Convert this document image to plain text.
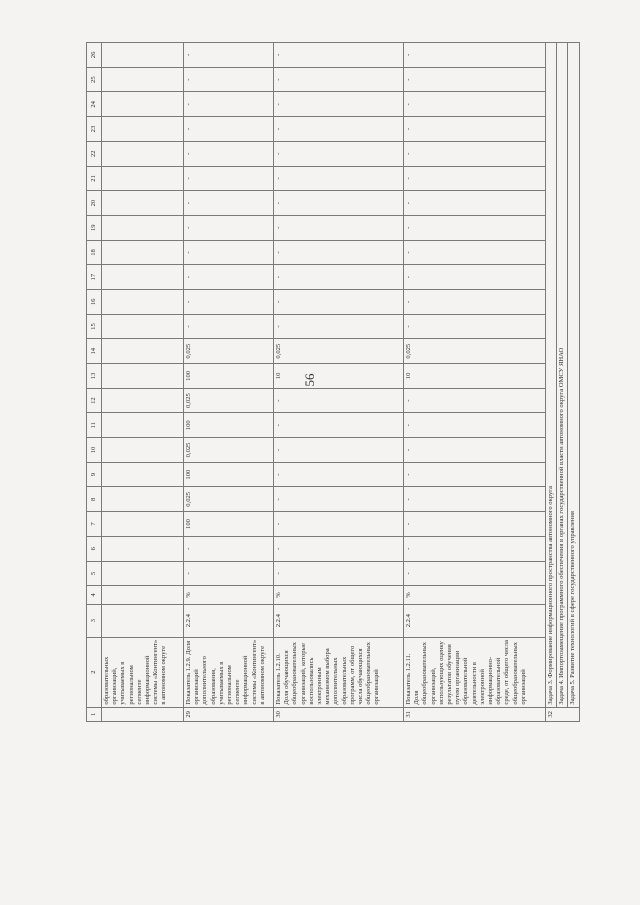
56
1	2	3	4	5	6	7	8	9	10	11	12	13	14	15	16	17	18	19	20	21	22	23	24	25	26
	образовательных организаций, учитываемых в региональном сегменте информационной системы «Контингент» в автономном округе																								
29	Показатель 1.2.9. Доля организаций дополнительного образования, учитываемых в региональном сегменте информационной системы «Контингент» в автономном округе	2.2.4	%	-	-	100	0,025	100	0,025	100	0,025	100	0,025	-	-	-	-	-	-	-	-	-	-	-	-
30	Показатель 1.2.10. Доля обучающихся общеобразовательных организаций, которые воспользовались электронным механизмом выбора дополнительных образовательных программ, от общего числа обучающихся общеобразовательных организаций	2.2.4	%	-	-	-	-	-	-	-	-	10	0,025	-	-	-	-	-	-	-	-	-	-	-	-
31	Показатель 1.2.11. Доля общеобразовательных организаций, использующих оценку результатов обучения путем организации образовательной деятельности в электронной информационно-образовательной среде, от общего числа общеобразовательных организаций	2.2.4	%	-	-	-	-	-	-	-	-	10	0,025	-	-	-	-	-	-	-	-	-	-	-	-
32	Задача 3. Формирование информационного пространства автономного округа																								
	Задача 4. Импортозамещение программного обеспечения в органах государственной власти автономного округа ОМСУ ЯНАО																								
	Задача 5. Развитие технологий в сфере государственного управления																								
